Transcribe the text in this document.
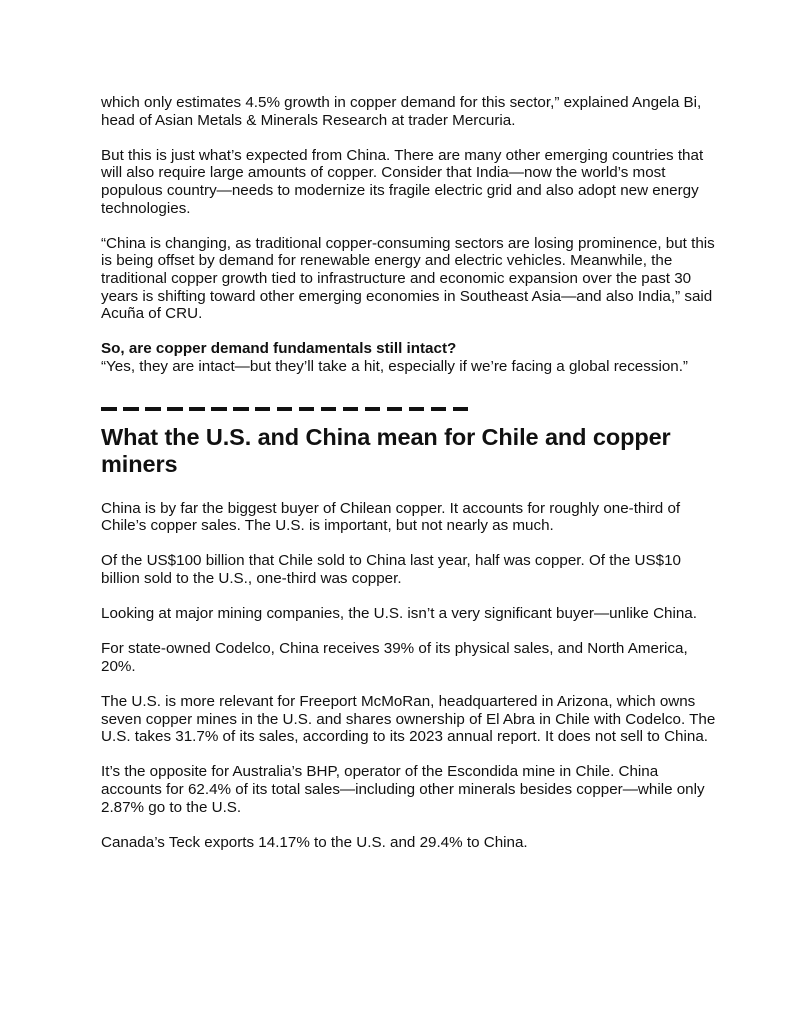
which only estimates 4.5% growth in copper demand for this sector,” explained Angela Bi, head of Asian Metals & Minerals Research at trader Mercuria.

But this is just what’s expected from China. There are many other emerging countries that will also require large amounts of copper. Consider that India—now the world’s most populous country—needs to modernize its fragile electric grid and also adopt new energy technologies.

“China is changing, as traditional copper-consuming sectors are losing prominence, but this is being offset by demand for renewable energy and electric vehicles. Meanwhile, the traditional copper growth tied to infrastructure and economic expansion over the past 30 years is shifting toward other emerging economies in Southeast Asia—and also India,” said Acuña of CRU.

So, are copper demand fundamentals still intact?

“Yes, they are intact—but they’ll take a hit, especially if we’re facing a global recession.”

What the U.S. and China mean for Chile and copper miners

China is by far the biggest buyer of Chilean copper. It accounts for roughly one-third of Chile’s copper sales. The U.S. is important, but not nearly as much.

Of the US$100 billion that Chile sold to China last year, half was copper. Of the US$10 billion sold to the U.S., one-third was copper.

Looking at major mining companies, the U.S. isn’t a very significant buyer—unlike China.

For state-owned Codelco, China receives 39% of its physical sales, and North America, 20%.

The U.S. is more relevant for Freeport McMoRan, headquartered in Arizona, which owns seven copper mines in the U.S. and shares ownership of El Abra in Chile with Codelco. The U.S. takes 31.7% of its sales, according to its 2023 annual report. It does not sell to China.

It’s the opposite for Australia’s BHP, operator of the Escondida mine in Chile. China accounts for 62.4% of its total sales—including other minerals besides copper—while only 2.87% go to the U.S.

Canada’s Teck exports 14.17% to the U.S. and 29.4% to China.
